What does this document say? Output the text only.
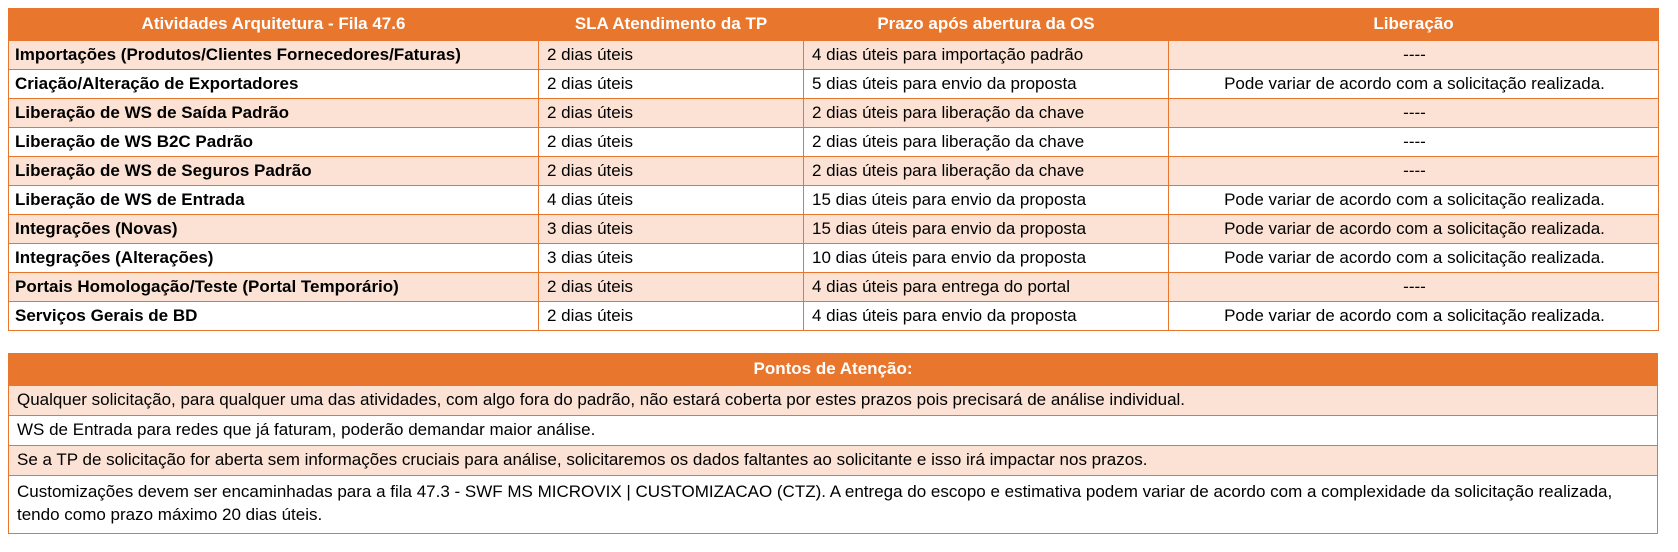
Atividades Arquitetura - Fila 47.6	SLA Atendimento da TP	Prazo após abertura da OS	Liberação
Importações (Produtos/Clientes Fornecedores/Faturas)	2 dias úteis	4 dias úteis para importação padrão	----
Criação/Alteração de Exportadores	2 dias úteis	5 dias úteis para envio da proposta	Pode variar de acordo com a solicitação realizada.
Liberação de WS de Saída Padrão	2 dias úteis	2 dias úteis para liberação da chave	----
Liberação de WS B2C Padrão	2 dias úteis	2 dias úteis para liberação da chave	----
Liberação de WS de Seguros Padrão	2 dias úteis	2 dias úteis para liberação da chave	----
Liberação de WS de Entrada	4 dias úteis	15 dias úteis para envio da proposta	Pode variar de acordo com a solicitação realizada.
Integrações (Novas)	3 dias úteis	15 dias úteis para envio da proposta	Pode variar de acordo com a solicitação realizada.
Integrações (Alterações)	3 dias úteis	10 dias úteis para envio da proposta	Pode variar de acordo com a solicitação realizada.
Portais Homologação/Teste (Portal Temporário)	2 dias úteis	4 dias úteis para entrega do portal	----
Serviços Gerais de BD	2 dias úteis	4 dias úteis para envio da proposta	Pode variar de acordo com a solicitação realizada.
Pontos de Atenção:
Qualquer solicitação, para qualquer uma das atividades, com algo fora do padrão, não estará coberta por estes prazos pois precisará de análise individual.
WS de Entrada para redes que já faturam, poderão demandar maior análise.
Se a TP de solicitação for aberta sem informações cruciais para análise, solicitaremos os dados faltantes ao solicitante e isso irá impactar nos prazos.
Customizações devem ser encaminhadas para a fila 47.3 - SWF MS MICROVIX | CUSTOMIZACAO (CTZ). A entrega do escopo e estimativa podem variar de acordo com a complexidade da solicitação realizada, tendo como prazo máximo 20 dias úteis.
